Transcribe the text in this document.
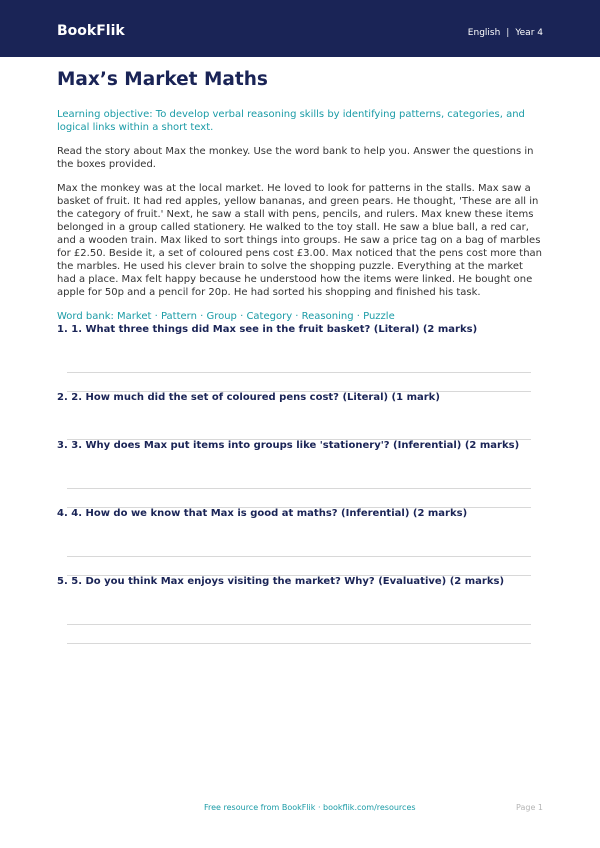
BookFlik	English | Year 4
Max’s Market Maths

Learning objective: To develop verbal reasoning skills by identifying patterns, categories, and logical links within a short text.

Read the story about Max the monkey. Use the word bank to help you. Answer the questions in the boxes provided.

Max the monkey was at the local market. He loved to look for patterns in the stalls. Max saw a basket of fruit. It had red apples, yellow bananas, and green pears. He thought, 'These are all in the category of fruit.' Next, he saw a stall with pens, pencils, and rulers. Max knew these items belonged in a group called stationery. He walked to the toy stall. He saw a blue ball, a red car, and a wooden train. Max liked to sort things into groups. He saw a price tag on a bag of marbles for £2.50. Beside it, a set of coloured pens cost £3.00. Max noticed that the pens cost more than the marbles. He used his clever brain to solve the shopping puzzle. Everything at the market had a place. Max felt happy because he understood how the items were linked. He bought one apple for 50p and a pencil for 20p. He had sorted his shopping and finished his task.

Word bank: Market · Pattern · Group · Category · Reasoning · Puzzle

1. 1. What three things did Max see in the fruit basket? (Literal) (2 marks)
2. 2. How much did the set of coloured pens cost? (Literal) (1 mark)
3. 3. Why does Max put items into groups like 'stationery'? (Inferential) (2 marks)
4. 4. How do we know that Max is good at maths? (Inferential) (2 marks)
5. 5. Do you think Max enjoys visiting the market? Why? (Evaluative) (2 marks)
Free resource from BookFlik · bookflik.com/resources	Page 1
